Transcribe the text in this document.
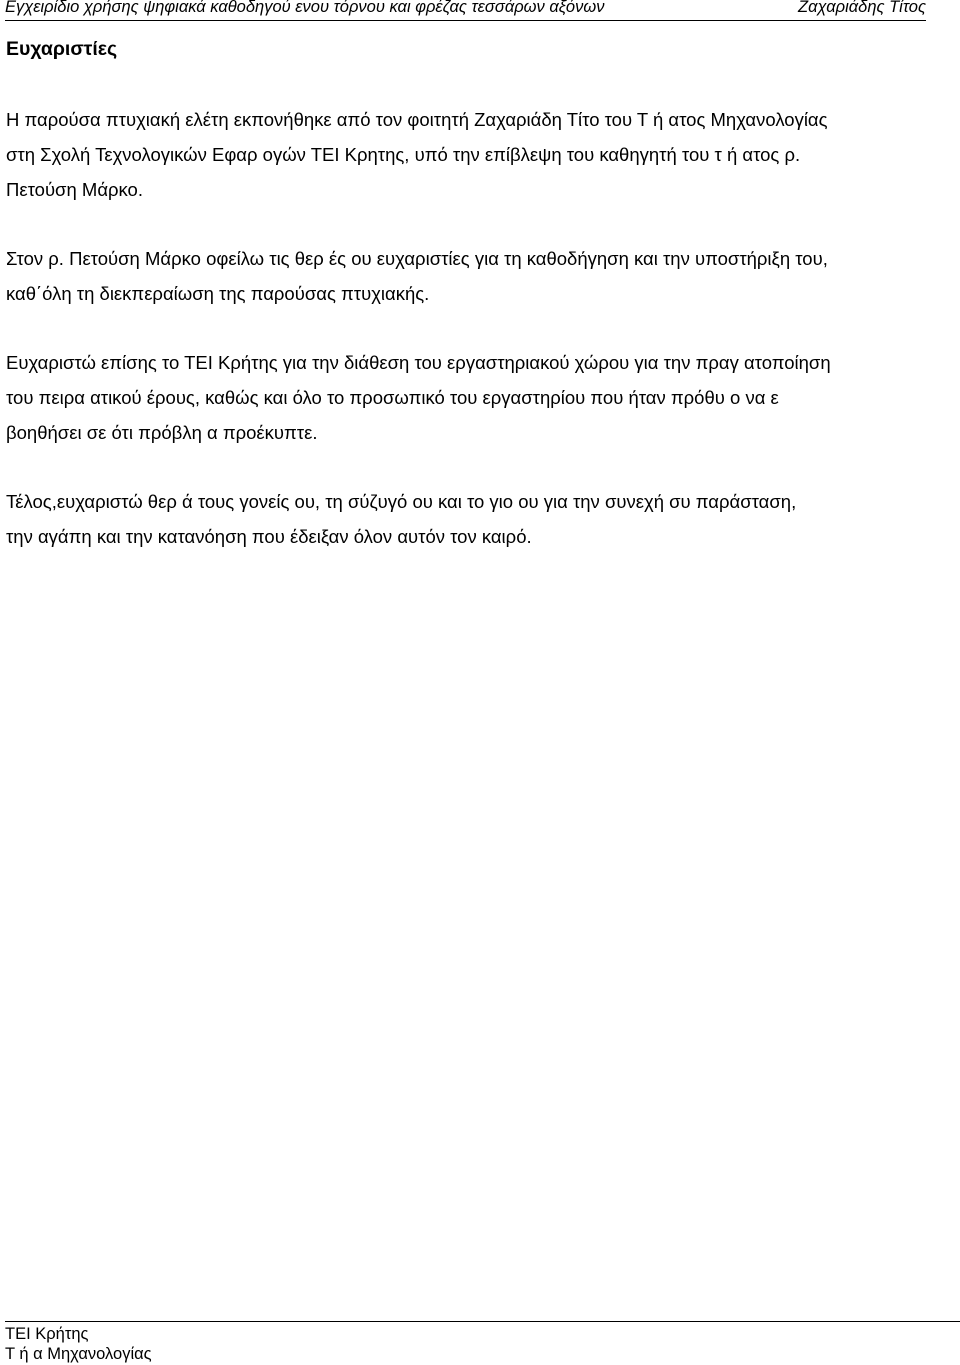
Εγχειρίδιο χρήσης ψηφιακά καθοδηγού ενου τόρνου και φρέζας τεσσάρων αξόνων	Ζαχαριάδης Τίτος
Ευχαριστίες

Η παρούσα πτυχιακή ελέτη εκπονήθηκε από τον φοιτητή Ζαχαριάδη Τίτο του Τ ή ατος Μηχανολογίας
στη Σχολή Τεχνολογικών Εφαρ ογών ΤΕΙ Κρητης, υπό την επίβλεψη του καθηγητή του τ ή ατος ρ.
Πετούση Μάρκο.

Στον ρ. Πετούση Μάρκο οφείλω τις θερ ές ου ευχαριστίες για τη καθοδήγηση και την υποστήριξη του,
καθ΄όλη τη διεκπεραίωση της παρούσας πτυχιακής.

Ευχαριστώ επίσης το ΤΕΙ Κρήτης για την διάθεση του εργαστηριακού χώρου για την πραγ ατοποίηση
του πειρα ατικού έρους, καθώς και όλο το προσωπικό του εργαστηρίου που ήταν πρόθυ ο να ε
βοηθήσει σε ότι πρόβλη α προέκυπτε.

Τέλος,ευχαριστώ θερ ά τους γονείς ου, τη σύζυγό ου και το γιο ου για την συνεχή συ παράσταση,
την αγάπη και την κατανόηση που έδειξαν όλον αυτόν τον καιρό.

ΤΕΙ Κρήτης
Τ ή α Μηχανολογίας
